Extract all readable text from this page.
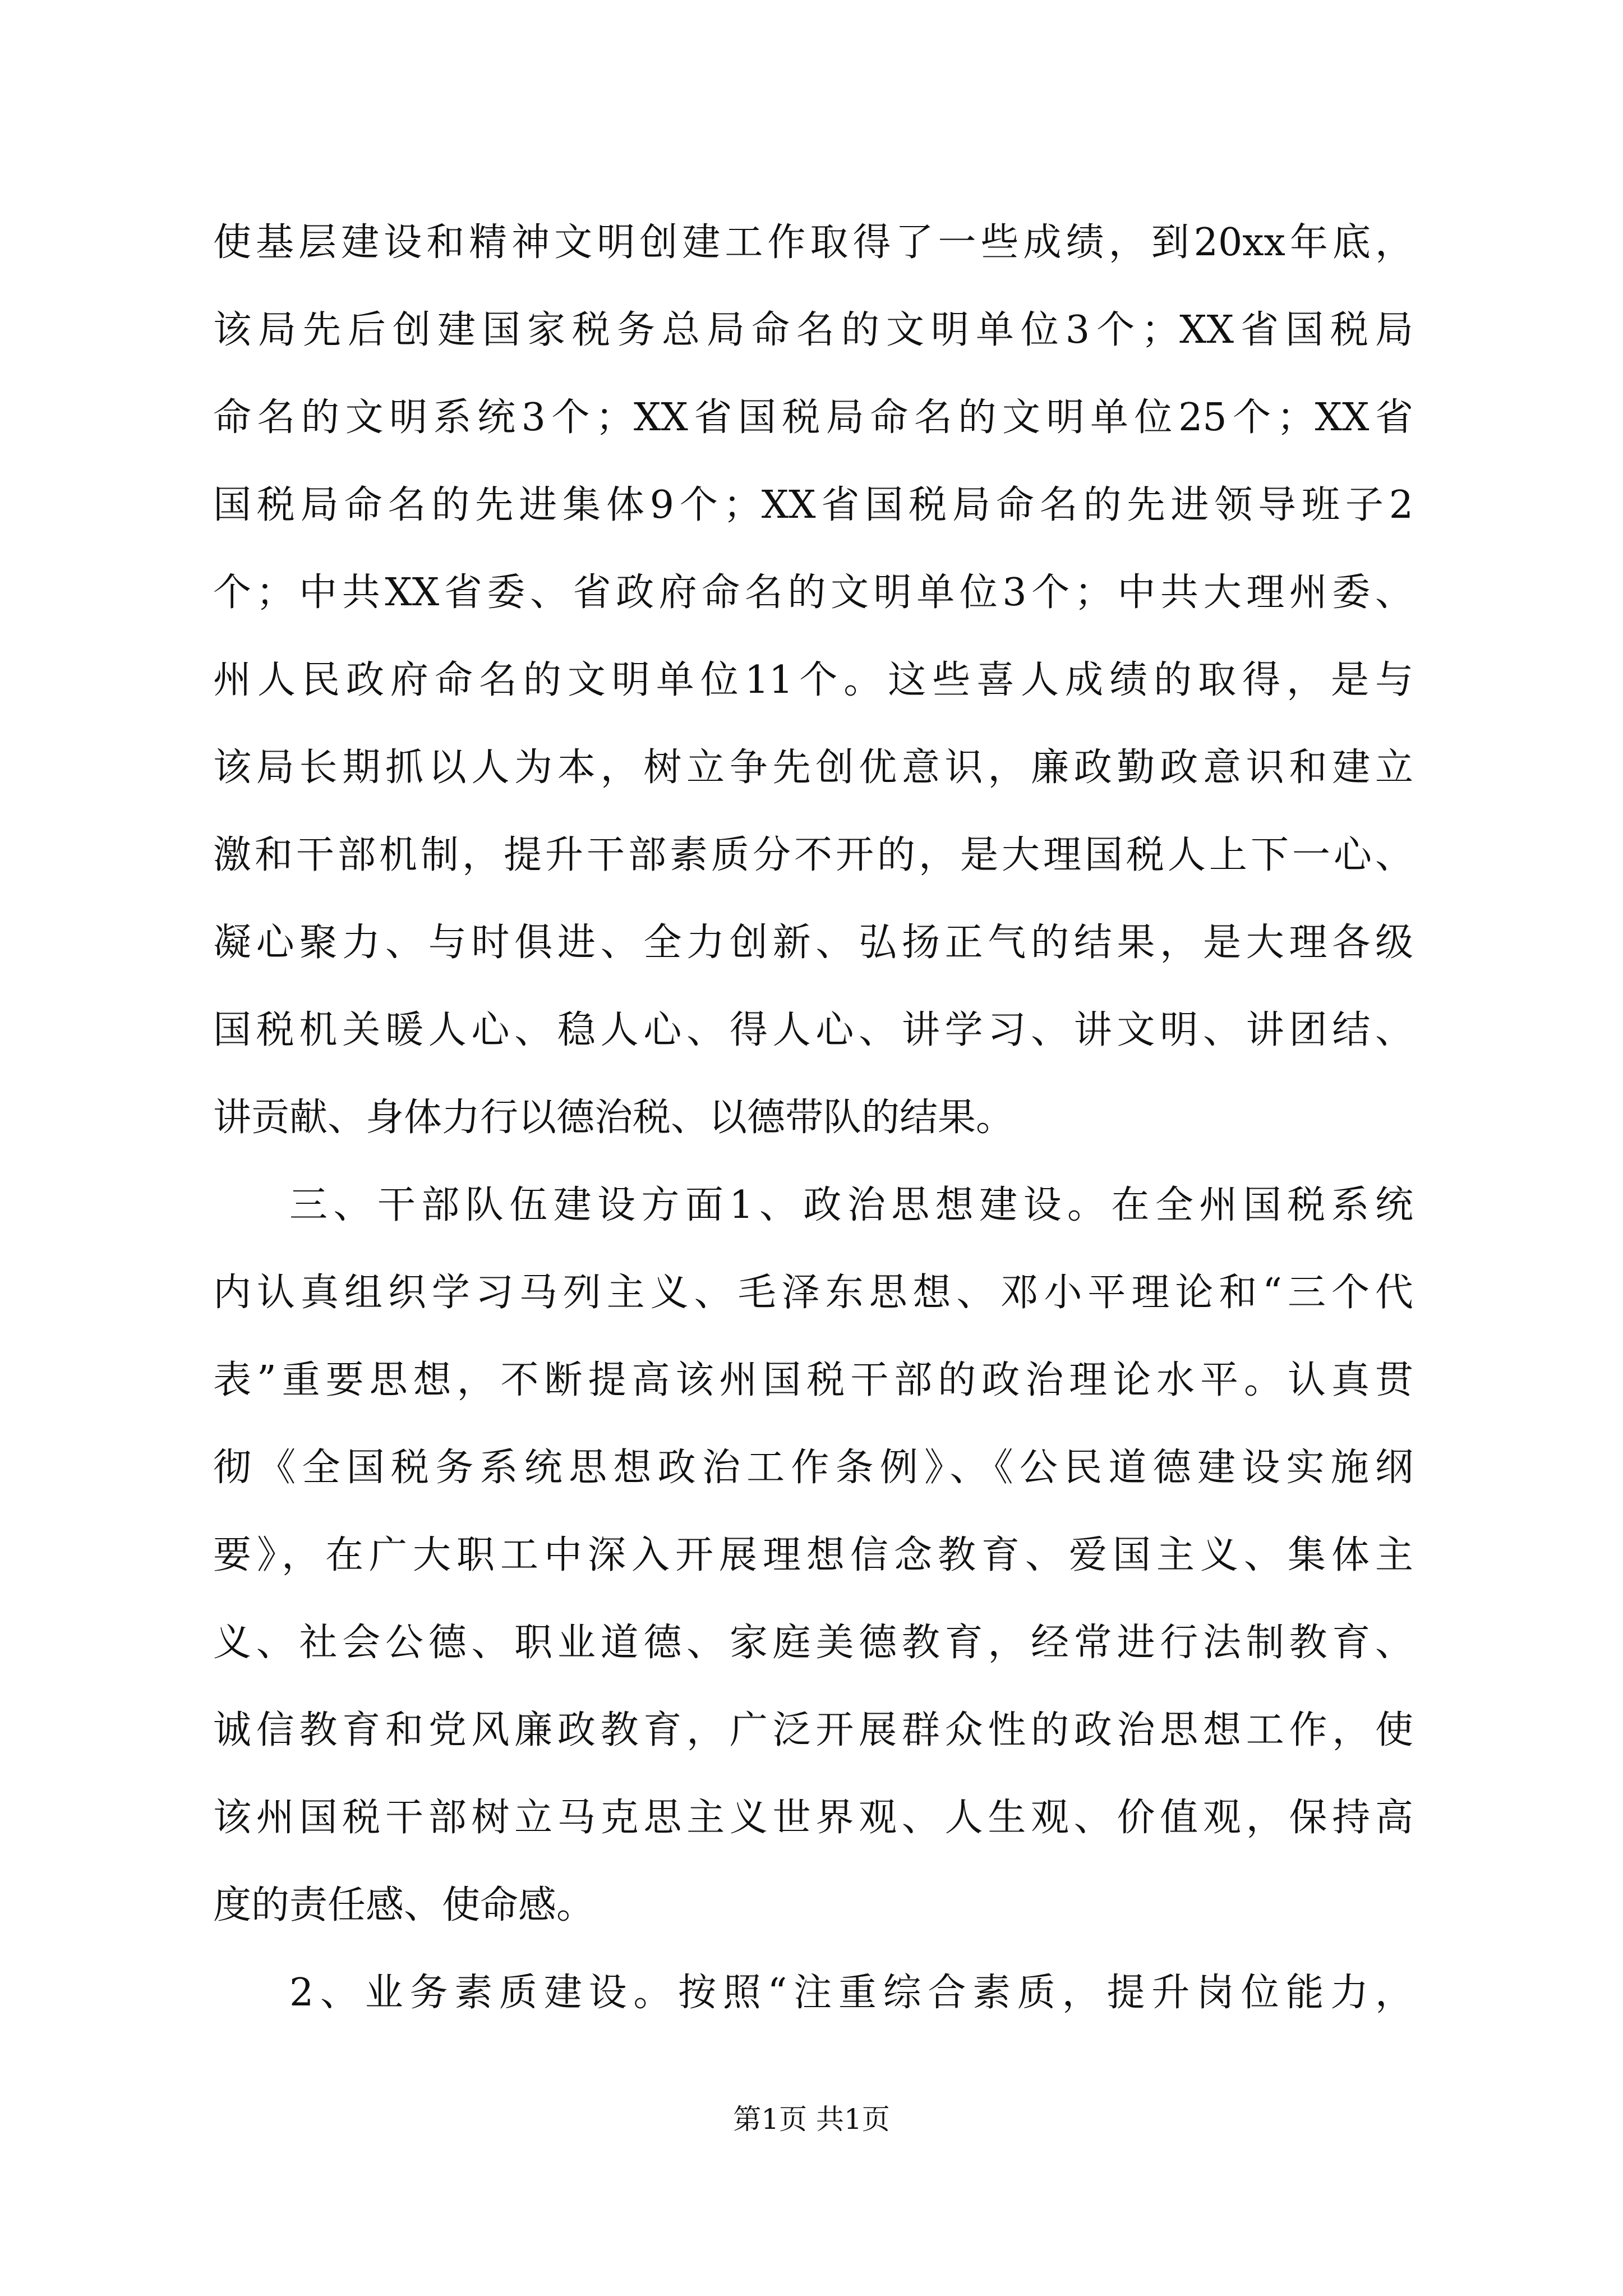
使基层建设和精神文明创建工作取得了一些成绩，到20xx年底，
该局先后创建国家税务总局命名的文明单位3个；XX省国税局
命名的文明系统3个；XX省国税局命名的文明单位25个；XX省
国税局命名的先进集体9个；XX省国税局命名的先进领导班子2
个；中共XX省委、省政府命名的文明单位3个；中共大理州委、
州人民政府命名的文明单位11个。这些喜人成绩的取得，是与
该局长期抓以人为本，树立争先创优意识，廉政勤政意识和建立
激和干部机制，提升干部素质分不开的，是大理国税人上下一心、
凝心聚力、与时俱进、全力创新、弘扬正气的结果，是大理各级
国税机关暖人心、稳人心、得人心、讲学习、讲文明、讲团结、
讲贡献、身体力行以德治税、以德带队的结果。
三、干部队伍建设方面1、政治思想建设。在全州国税系统
内认真组织学习马列主义、毛泽东思想、邓小平理论和“三个代
表”重要思想，不断提高该州国税干部的政治理论水平。认真贯
彻《全国税务系统思想政治工作条例》、《公民道德建设实施纲
要》，在广大职工中深入开展理想信念教育、爱国主义、集体主
义、社会公德、职业道德、家庭美德教育，经常进行法制教育、
诚信教育和党风廉政教育，广泛开展群众性的政治思想工作，使
该州国税干部树立马克思主义世界观、人生观、价值观，保持高
度的责任感、使命感。
2、业务素质建设。按照“注重综合素质，提升岗位能力，
第1页 共1页
